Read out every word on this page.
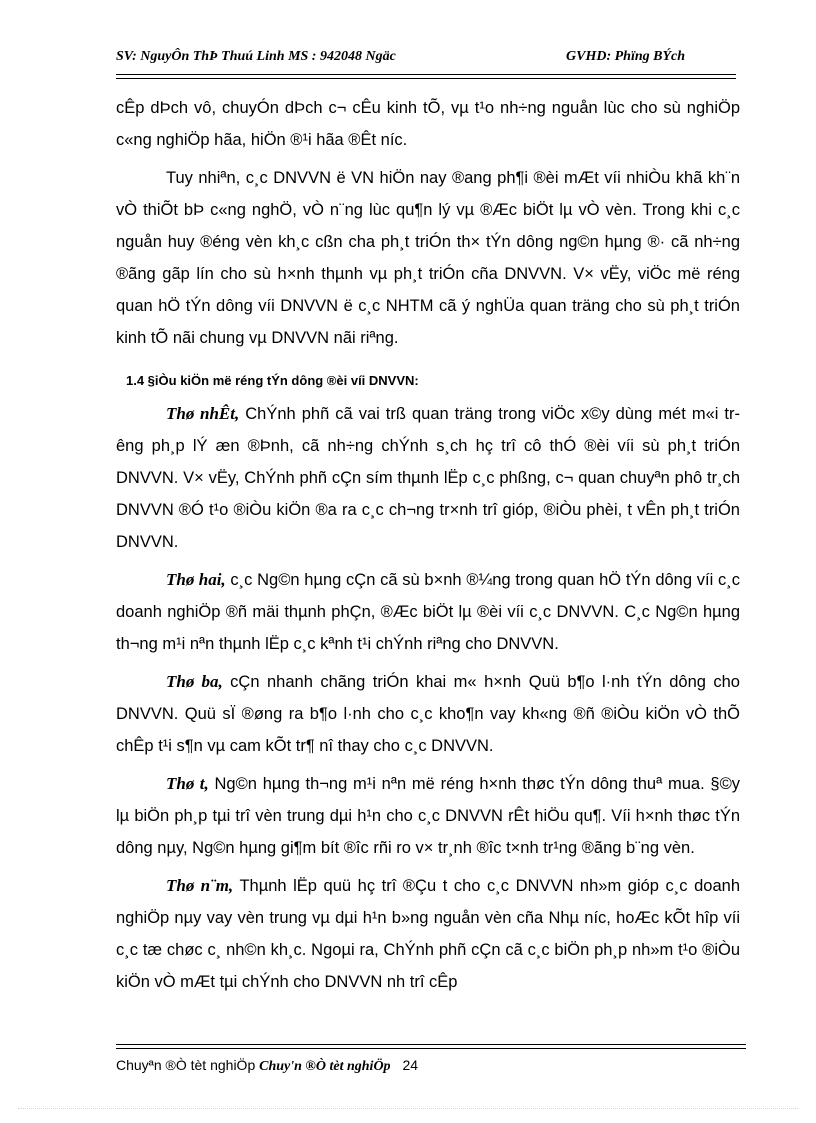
SV: NguyÔn ThÞ Thuú Linh MS : 942048 Ngäc	GVHD: Phïng BÝch

cÊp dÞch vô, chuyÓn dÞch c¬ cÊu kinh tÕ, vµ t¹o nh÷ng nguån lùc cho sù nghiÖp c«ng nghiÖp hãa, hiÖn ®¹i hãa ®Êt níc.

Tuy nhiªn, c¸c DNVVN ë VN hiÖn nay ®ang ph¶i ®èi mÆt víi nhiÒu khã kh¨n vÒ thiÕt bÞ c«ng nghÖ, vÒ n¨ng lùc qu¶n lý vµ ®Æc biÖt lµ vÒ vèn. Trong khi c¸c nguån huy ®éng vèn kh¸c cßn cha ph¸t triÓn th× tÝn dông ng©n hµng ®· cã nh÷ng ®ãng gãp lín cho sù h×nh thµnh vµ ph¸t triÓn cña DNVVN. V× vËy, viÖc më réng quan hÖ tÝn dông víi DNVVN ë c¸c NHTM cã ý nghÜa quan träng cho sù ph¸t triÓn kinh tÕ nãi chung vµ DNVVN nãi riªng.

1.4 §iÒu kiÖn më réng tÝn dông ®èi víi DNVVN:

Thø nhÊt, ChÝnh phñ cã vai trß quan träng trong viÖc x©y dùng mét m«i trêng ph¸p lÝ æn ®Þnh, cã nh÷ng chÝnh s¸ch hç trî cô thÓ ®èi víi sù ph¸t triÓn DNVVN. V× vËy, ChÝnh phñ cÇn sím thµnh lËp c¸c phßng, c¬ quan chuyªn phô tr¸ch DNVVN ®Ó t¹o ®iÒu kiÖn ®a ra c¸c ch¬ng tr×nh trî gióp, ®iÒu phèi, t vÊn ph¸t triÓn DNVVN.

Thø hai, c¸c Ng©n hµng cÇn cã sù b×nh ®¼ng trong quan hÖ tÝn dông víi c¸c doanh nghiÖp ®ñ mäi thµnh phÇn, ®Æc biÖt lµ ®èi víi c¸c DNVVN. C¸c Ng©n hµng th¬ng m¹i nªn thµnh lËp c¸c kªnh t¹i chÝnh riªng cho DNVVN.

Thø ba, cÇn nhanh chãng triÓn khai m« h×nh Quü b¶o l·nh tÝn dông cho DNVVN. Quü sÏ ®øng ra b¶o l·nh cho c¸c kho¶n vay kh«ng ®ñ ®iÒu kiÖn vÒ thÕ chÊp t¹i s¶n vµ cam kÕt tr¶ nî thay cho c¸c DNVVN.

Thø t, Ng©n hµng th¬ng m¹i nªn më réng h×nh thøc tÝn dông thuª mua. §©y lµ biÖn ph¸p tµi trî vèn trung dµi h¹n cho c¸c DNVVN rÊt hiÖu qu¶. Víi h×nh thøc tÝn dông nµy, Ng©n hµng gi¶m bít ®îc rñi ro v× tr¸nh ®îc t×nh tr¹ng ®ãng b¨ng vèn.

Thø n¨m, Thµnh lËp quü hç trî ®Çu t cho c¸c DNVVN nh»m gióp c¸c doanh nghiÖp nµy vay vèn trung vµ dµi h¹n b»ng nguån vèn cña Nhµ níc, hoÆc kÕt hîp víi c¸c tæ chøc c¸ nh©n kh¸c. Ngoµi ra, ChÝnh phñ cÇn cã c¸c biÖn ph¸p nh»m t¹o ®iÒu kiÖn vÒ mÆt tµi chÝnh cho DNVVN nh trî cÊp

Chuyªn ®Ò tèt nghiÖp Chuy'n ®Ò tèt nghiÖp 24
